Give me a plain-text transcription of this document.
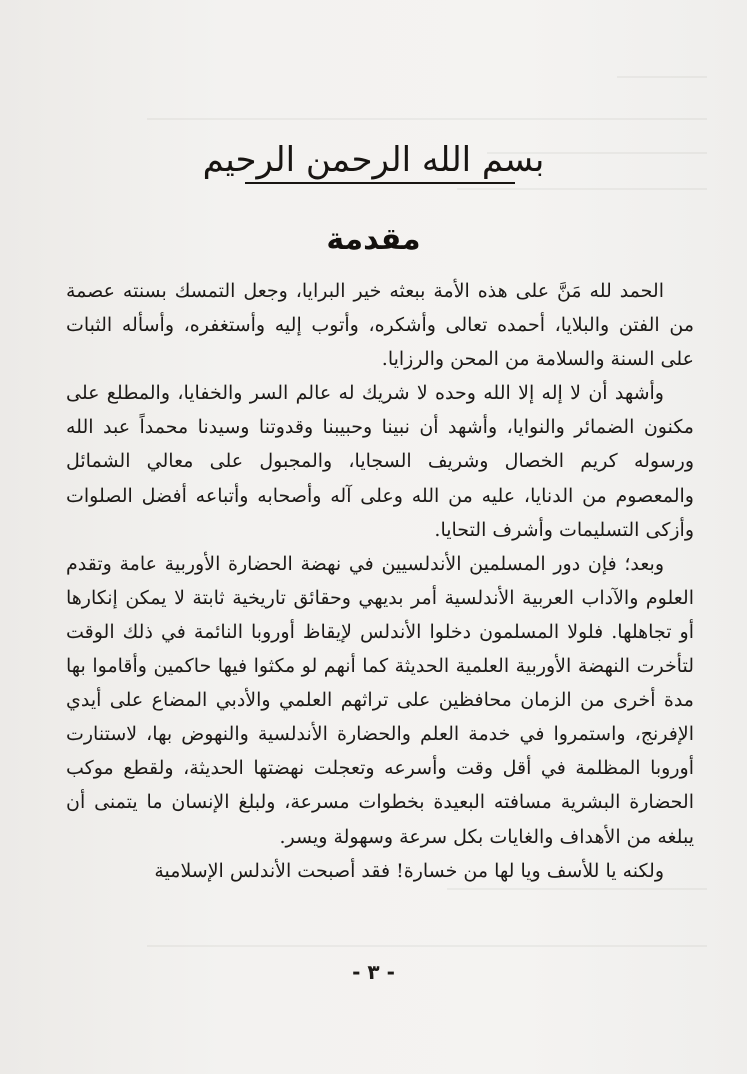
بسم الله الرحمن الرحيم
مقدمة

الحمد لله مَنَّ على هذه الأمة ببعثه خير البرايا، وجعل التمسك بسنته عصمة من الفتن والبلايا، أحمده تعالى وأشكره، وأتوب إليه وأستغفره، وأسأله الثبات على السنة والسلامة من المحن والرزايا.

وأشهد أن لا إله إلا الله وحده لا شريك له عالم السر والخفايا، والمطلع على مكنون الضمائر والنوايا، وأشهد أن نبينا وحبيبنا وقدوتنا وسيدنا محمداً عبد الله ورسوله كريم الخصال وشريف السجايا، والمجبول على معالي الشمائل والمعصوم من الدنايا، عليه من الله وعلى آله وأصحابه وأتباعه أفضل الصلوات وأزكى التسليمات وأشرف التحايا.

وبعد؛ فإن دور المسلمين الأندلسيين في نهضة الحضارة الأوربية عامة وتقدم العلوم والآداب العربية الأندلسية أمر بديهي وحقائق تاريخية ثابتة لا يمكن إنكارها أو تجاهلها. فلولا المسلمون دخلوا الأندلس لإيقاظ أوروبا النائمة في ذلك الوقت لتأخرت النهضة الأوربية العلمية الحديثة كما أنهم لو مكثوا فيها حاكمين وأقاموا بها مدة أخرى من الزمان محافظين على تراثهم العلمي والأدبي المضاع على أيدي الإفرنج، واستمروا في خدمة العلم والحضارة الأندلسية والنهوض بها، لاستنارت أوروبا المظلمة في أقل وقت وأسرعه وتعجلت نهضتها الحديثة، ولقطع موكب الحضارة البشرية مسافته البعيدة بخطوات مسرعة، ولبلغ الإنسان ما يتمنى أن يبلغه من الأهداف والغايات بكل سرعة وسهولة ويسر.

ولكنه يا للأسف ويا لها من خسارة! فقد أصبحت الأندلس الإسلامية

- ٣ -
